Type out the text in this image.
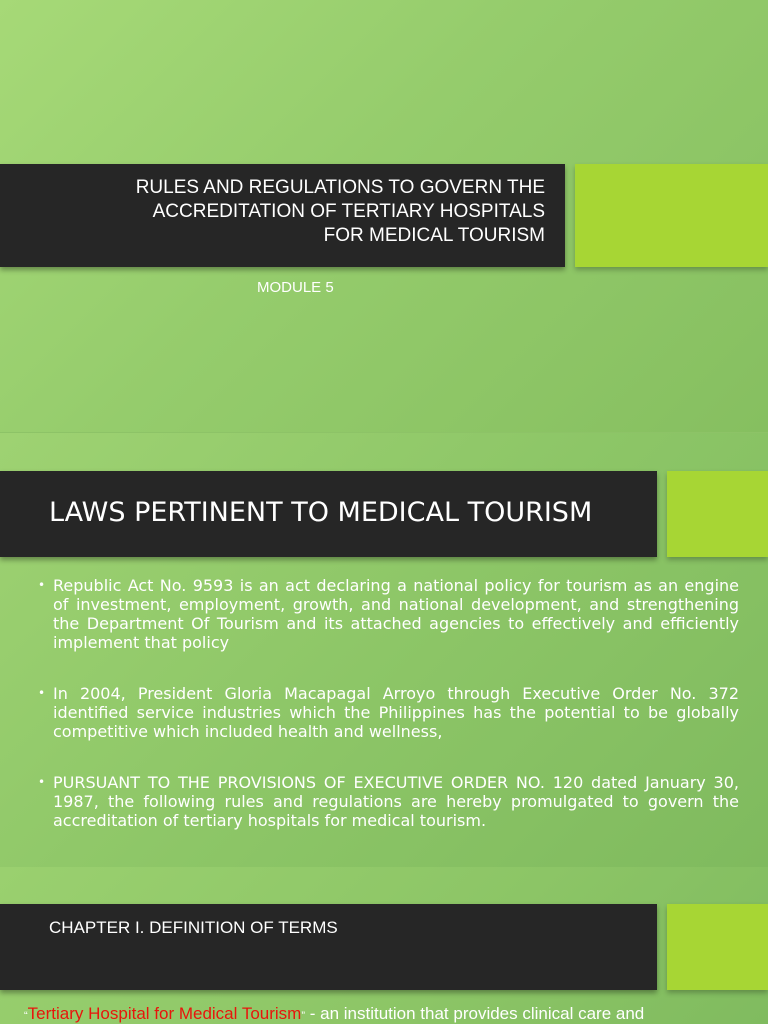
RULES AND REGULATIONS TO GOVERN THE
ACCREDITATION OF TERTIARY HOSPITALS
FOR MEDICAL TOURISM
MODULE 5
LAWS PERTINENT TO MEDICAL TOURISM
• Republic Act No. 9593 is an act declaring a national policy for tourism as an engine of investment, employment, growth, and national development, and strengthening the Department Of Tourism and its attached agencies to effectively and efficiently implement that policy
• In 2004, President Gloria Macapagal Arroyo through Executive Order No. 372 identified service industries which the Philippines has the potential to be globally competitive which included health and wellness,
• PURSUANT TO THE PROVISIONS OF EXECUTIVE ORDER NO. 120 dated January 30, 1987, the following rules and regulations are hereby promulgated to govern the accreditation of tertiary hospitals for medical tourism.
CHAPTER I. DEFINITION OF TERMS
“Tertiary Hospital for Medical Tourism” - an institution that provides clinical care and
